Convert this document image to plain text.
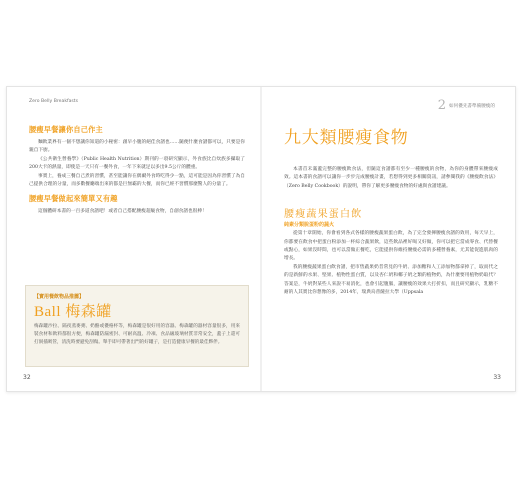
Zero Belly Breakfasts
腰瘦早餐讓你自己作主

麵飲業界有一個不想讓你知道的小秘密：創早小腹的絕佳食譜也……隨便什麼食譜都可以，只要是你親自下廚。

《公共衛生營養學》（Public Health Nutrition）期刊的一項研究顯示，外食族比自炊族多攝取了200大卡的熱量，即使是一天只有一餐外食，一年下來就足以多出9.5公斤的體重。

事實上，養成三餐自己煮的習慣，甚至能讓你在偶爾外食時吃得少一點，這可能是因為你習慣了為自己提供合理的分量，而多數餐廳端出來的都是巨無霸的大餐，而你已經不習慣那麼驚人的分量了。

腰瘦早餐做起來簡單又有趣

這個體研本書的一百多道食譜吧！或者自己搭配腰瘦超級食物，自創食譜也很棒！

【實用餐飲物品推薦】
Ball 梅森罐
梅森罐沙拉、隔夜蒸麥粥、奶酪或優格杯等，梅森罐是很好用的容器。梅森罐的器材容量很多，用來裝食材和飲料都很方便，梅森罐防漏密封、可耐高溫、冷凍、食品級玻璃材質非常安全，蓋子上還可打洞插吸管，清洗時要避免刮傷。舉手即可帶著出門的好罐子，是打造健康早餐的最佳夥伴。
32
2 如何優先書準備腰瘦的
九大類腰瘦食物

本書首未滿蓋完整的腰瘦飲食法，但隨這食譜都有至少一種腰瘦的食物，為你的身體帶來腰瘦成效。這本書的食譜可以讓你一步步完成腰瘦計畫，若想得到更多相關資訊，請參閱我的《腰瘦飲食法》（Zero Belly Cookbook）的說明，帶你了解更多腰瘦食物的好處與食譜建議。

腰瘦蔬果蛋白飲
純素分類脫蛋粉的蔬火

從第十章開始，你會看到各式各樣的腰瘦蔬果蛋白飲，為了完全發揮腰瘦食譜的效用，每天早上，你都要在飲食中把蛋白粉添加一杯綜合蔬果飲，這些飲品裡好喝又好做，你可以把它當成零食、代替餐或點心，如果沒時間，也可以當做正餐吃，它能提供你維持腰瘦必需的多種營養素，尤其能促進肌肉的增長。

我的腰瘦蔬果蛋白飲食譜，把市售蔬果奶昔常見的牛奶、添加糖和人工添加物都拿掉了，取而代之的是新鮮的水果、堅果、植物性蛋白質，以及杏仁奶和椰子奶之類的植物奶，為什麼要用植物奶取代？答案是，牛奶對某些人來說不易消化，也會引起腹脹，讓腰瘦的效果大打折扣，而且研究顯示，乳糖不耐的人其實比你想像的多，2014年，瑞典烏普薩拉大學（Uppsala

33
